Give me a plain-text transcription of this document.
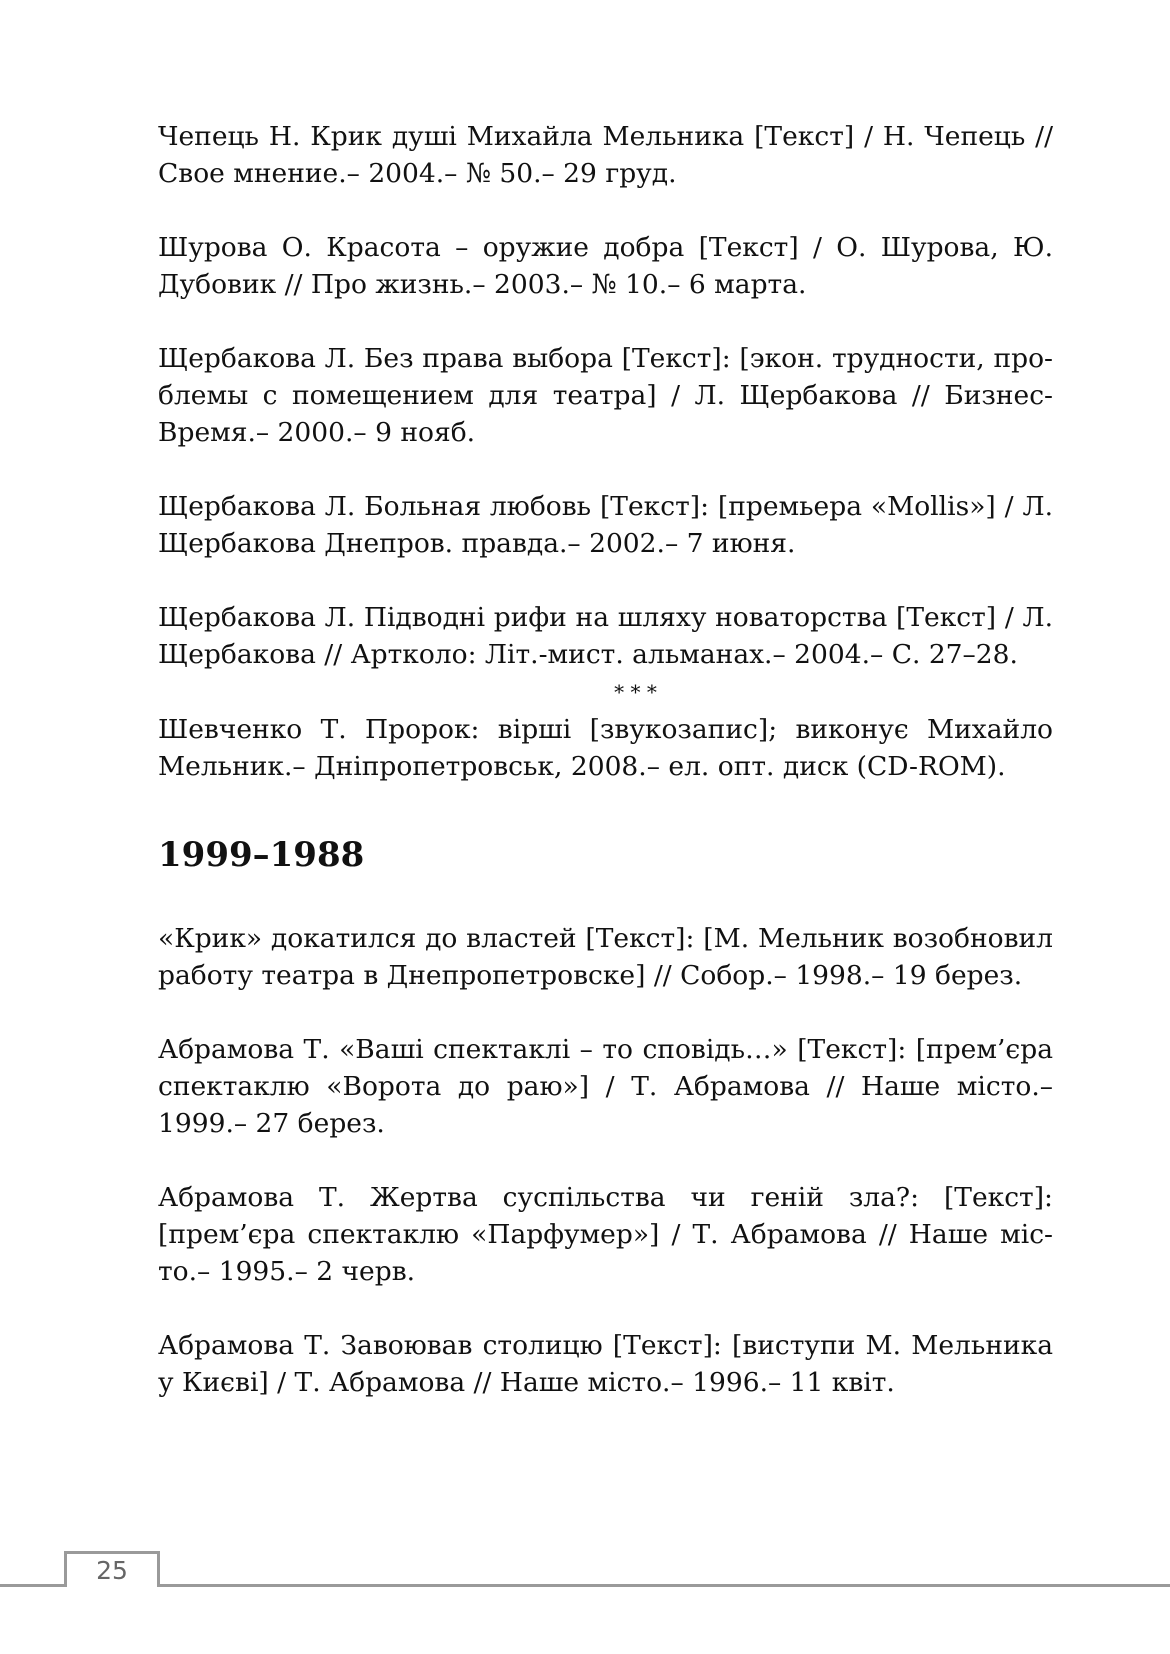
Чепець Н. Крик душі Михайла Мельника [Текст] / Н. Чепець // Свое мнение.– 2004.– № 50.– 29 груд.

Шурова О. Красота – оружие добра [Текст] / О. Шурова, Ю. Дубовик // Про жизнь.– 2003.– № 10.– 6 марта.

Щербакова Л. Без права выбора [Текст]: [экон. трудности, про-блемы с помещением для театра] / Л. Щербакова // Бизнес-Время.– 2000.– 9 нояб.

Щербакова Л. Больная любовь [Текст]: [премьера «Mollis»] / Л. Щербакова Днепров. правда.– 2002.– 7 июня.

Щербакова Л. Підводні рифи на шляху новаторства [Текст] / Л. Щербакова // Артколо: Літ.-мист. альманах.– 2004.– С. 27–28.

* * *

Шевченко Т. Пророк: вірші [звукозапис]; виконує Михайло Мельник.– Дніпропетровськ, 2008.– ел. опт. диск (CD-ROM).

1999–1988

«Крик» докатился до властей [Текст]: [М. Мельник возобновил работу театра в Днепропетровске] // Собор.– 1998.– 19 берез.

Абрамова Т. «Ваші спектаклі – то сповідь…» [Текст]: [прем’єра спектаклю «Ворота до раю»] / Т. Абрамова // Наше місто.– 1999.– 27 берез.

Абрамова Т. Жертва суспільства чи геній зла?: [Текст]: [прем’єра спектаклю «Парфумер»] / Т. Абрамова // Наше міс-то.– 1995.– 2 черв.

Абрамова Т. Завоював столицю [Текст]: [виступи М. Мельника у Києві] / Т. Абрамова // Наше місто.– 1996.– 11 квіт.

25
